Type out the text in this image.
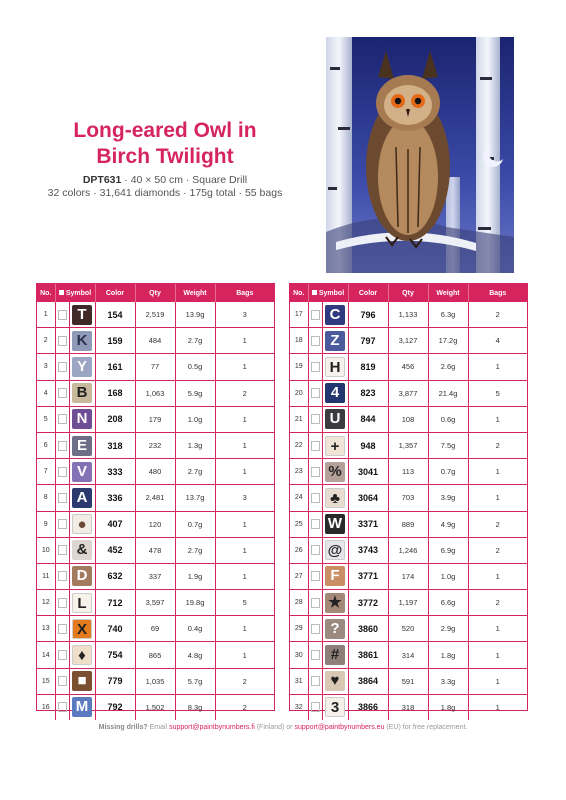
Long-eared Owl in
Birch Twilight
DPT631 · 40 × 50 cm · Square Drill
32 colors · 31,641 diamonds · 175g total · 55 bags
No.	Symbol		Color	Qty	Weight	Bags
1		T	154	2,519	13.9g	3
2		K	159	484	2.7g	1
3		Y	161	77	0.5g	1
4		B	168	1,063	5.9g	2
5		N	208	179	1.0g	1
6		E	318	232	1.3g	1
7		V	333	480	2.7g	1
8		A	336	2,481	13.7g	3
9		●	407	120	0.7g	1
10		&	452	478	2.7g	1
11		D	632	337	1.9g	1
12		L	712	3,597	19.8g	5
13		X	740	69	0.4g	1
14		♦	754	865	4.8g	1
15		■	779	1,035	5.7g	2
16		M	792	1,502	8.3g	2
No.	Symbol		Color	Qty	Weight	Bags
17		C	796	1,133	6.3g	2
18		Z	797	3,127	17.2g	4
19		H	819	456	2.6g	1
20		4	823	3,877	21.4g	5
21		U	844	108	0.6g	1
22		+	948	1,357	7.5g	2
23		%	3041	113	0.7g	1
24		♣	3064	703	3.9g	1
25		W	3371	889	4.9g	2
26		@	3743	1,246	6.9g	2
27		F	3771	174	1.0g	1
28		★	3772	1,197	6.6g	2
29		?	3860	520	2.9g	1
30		#	3861	314	1.8g	1
31		♥	3864	591	3.3g	1
32		3	3866	318	1.8g	1
Missing drills? Email support@paintbynumbers.fi (Finland) or support@paintbynumbers.eu (EU) for free replacement.
